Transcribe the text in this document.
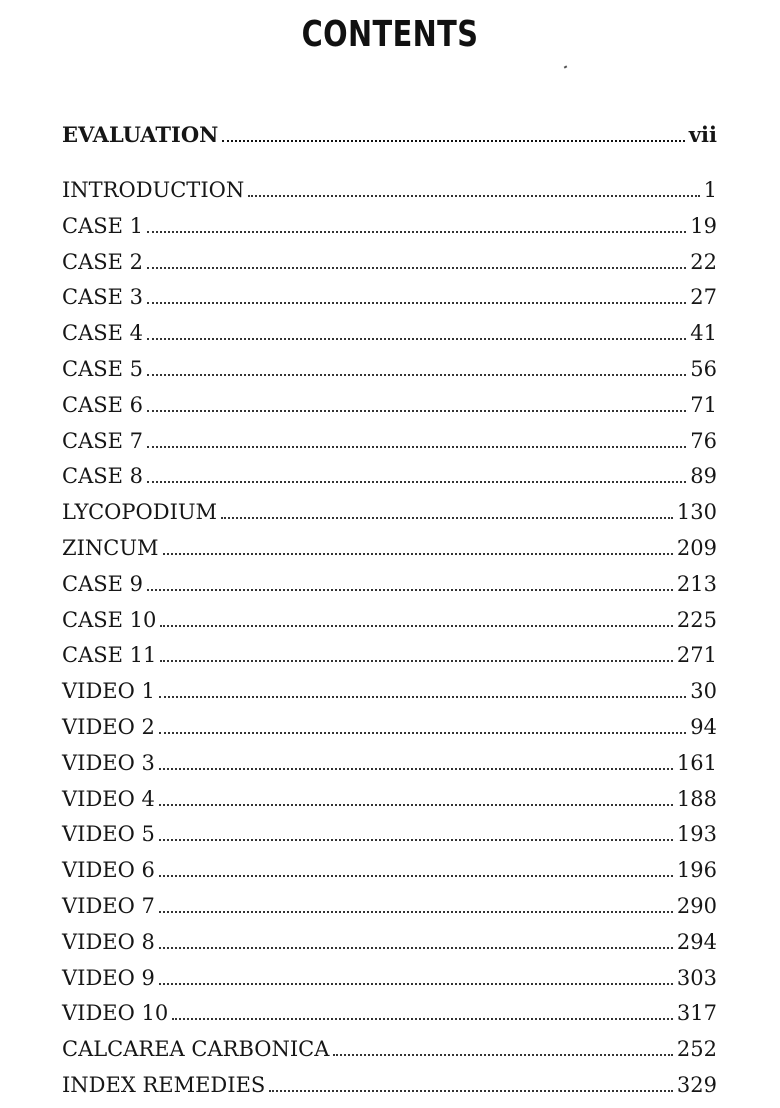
CONTENTS
EVALUATION	vii
INTRODUCTION	1
CASE 1	19
CASE 2	22
CASE 3	27
CASE 4	41
CASE 5	56
CASE 6	71
CASE 7	76
CASE 8	89
LYCOPODIUM	130
ZINCUM	209
CASE 9	213
CASE 10	225
CASE 11	271
VIDEO 1	30
VIDEO 2	94
VIDEO 3	161
VIDEO 4	188
VIDEO 5	193
VIDEO 6	196
VIDEO 7	290
VIDEO 8	294
VIDEO 9	303
VIDEO 10	317
CALCAREA CARBONICA	252
INDEX REMEDIES	329
